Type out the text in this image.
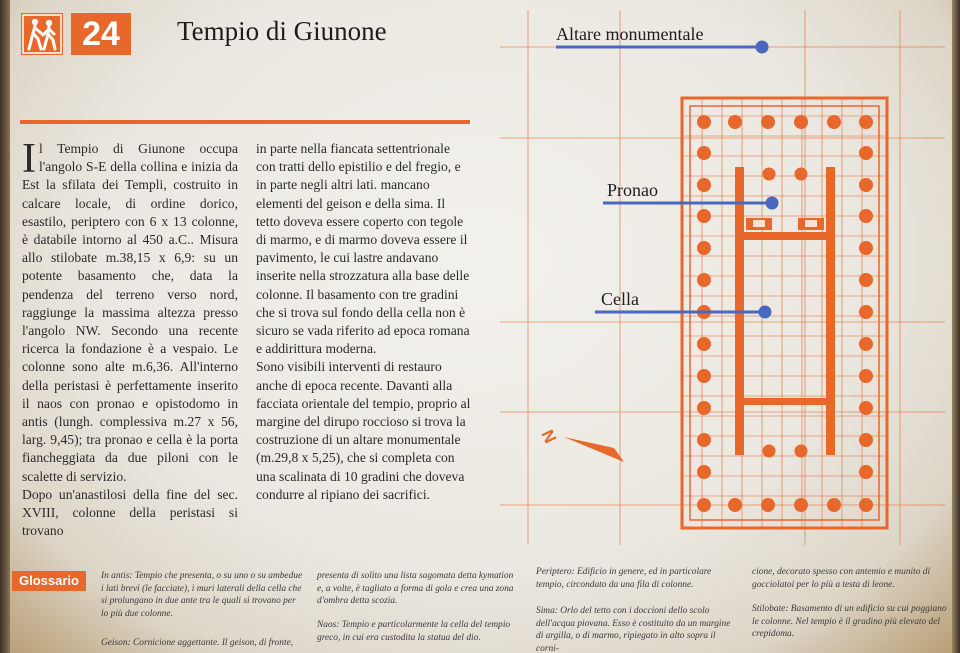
24	Tempio di Giunone
I l Tempio di Giunone occupa l'angolo S-E della collina e inizia da Est la sfilata dei Templi, costruito in calcare locale, di ordine dorico, esastilo, periptero con 6 x 13 colonne, è databile intorno al 450 a.C.. Misura allo stilobate m.38,15 x 6,9: su un potente basamento che, data la pendenza del terreno verso nord, raggiunge la massima altezza presso l'angolo NW. Secondo una recente ricerca la fondazione è a vespaio. Le colonne sono alte m.6,36. All'interno della peristasi è perfettamente inserito il naos con pronao e opistodomo in antis (lungh. complessiva m.27 x 56, larg. 9,45); tra pronao e cella è la porta fiancheggiata da due piloni con le scalette di servizio.

Dopo un'anastilosi della fine del sec. XVIII, colonne della peristasi si trovano

in parte nella fiancata settentrionale con tratti dello epistilio e del fregio, e in parte negli altri lati. mancano elementi del geison e della sima. Il tetto doveva essere coperto con tegole di marmo, e di marmo doveva essere il pavimento, le cui lastre andavano inserite nella strozzatura alla base delle colonne. Il basamento con tre gradini che si trova sul fondo della cella non è sicuro se vada riferito ad epoca romana e addirittura moderna.

Sono visibili interventi di restauro anche di epoca recente. Davanti alla facciata orientale del tempio, proprio al margine del dirupo roccioso si trova la costruzione di un altare monumentale (m.29,8 x 5,25), che si completa con una scalinata di 10 gradini che doveva condurre al ripiano dei sacrifici.

Altare monumentale
Pronao
Cella
N
Glossario	In antis: Tempio che presenta, o su uno o su ambedue i lati brevi (le facciate), i muri laterali della cella che si prolungano in due ante tra le quali si trovano per lo più due colonne.
Geison: Cornicione aggettante. Il geison, di fronte,
presenta di solito una lista sagomata detta kymation e, a volte, è tagliato a forma di gola e crea una zona d'ombra detta scozia.
Naos: Tempio e particolarmente la cella del tempio greco, in cui era custodita la statua del dio.
Periptero: Edificio in genere, ed in particolare tempio, circondato da una fila di colonne.
Sima: Orlo del tetto con i doccioni dello scolo dell'acqua piovana. Esso è costituito da un margine di argilla, o di marmo, ripiegato in alto sopra il corni-
cione, decorato spesso con antemio e munito di gocciolatoi per lo più a testa di leone.
Stilobate: Basamento di un edificio su cui poggiano le colonne. Nel tempio è il gradino più elevato del crepidoma.
